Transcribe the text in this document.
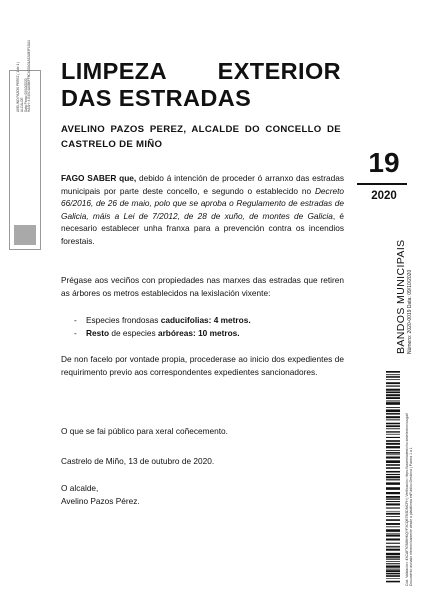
AVELINO PAZOS PEREZ ( 1 de 1 ) ALCALDE Data Firma: 09/10/2020 HASH: 4 E45C4A0B6FF8C4D5A01A52AB3F1DA1 LIMPEZA EXTERIOR
DAS ESTRADAS
AVELINO PAZOS PEREZ, ALCALDE DO CONCELLO DE CASTRELO DE MIÑO
19
2020
FAGO SABER que, debido á intención de proceder ó arranxo das estradas municipais por parte deste concello, e segundo o establecido no Decreto 66/2016, de 26 de maio, polo que se aproba o Regulamento de estradas de Galicia, máis a Lei de 7/2012, de 28 de xuño, de montes de Galicia, é necesario establecer unha franxa para a prevención contra os incendios forestais.
Prégase aos veciños con propiedades nas marxes das estradas que retiren as árbores os metros establecidos na lexislación vixente:
- Especies frondosas caducifolias: 4 metros.
- Resto de especies arbóreas: 10 metros.
De non facelo por vontade propia, procederase ao inicio dos expedientes de requirimento previo aos correspondentes expedientes sancionadores.
O que se fai público para xeral coñecemento.
Castrelo de Miño, 13 de outubro de 2020.
O alcalde,
Avelino Pazos Pérez.
BANDOS MUNICIPAIS Número: 2020-0019 Data: 09/10/2020
Cód. Validación: 4XCAF7GMMHKQYFXCQE7M3DMCFH | Verificación: https://castrelodeminho.sedelectronica.gal/ Documento asinado electrónicamente desde a plataforma esPublico Gestiona | Páxina 1 a 1
